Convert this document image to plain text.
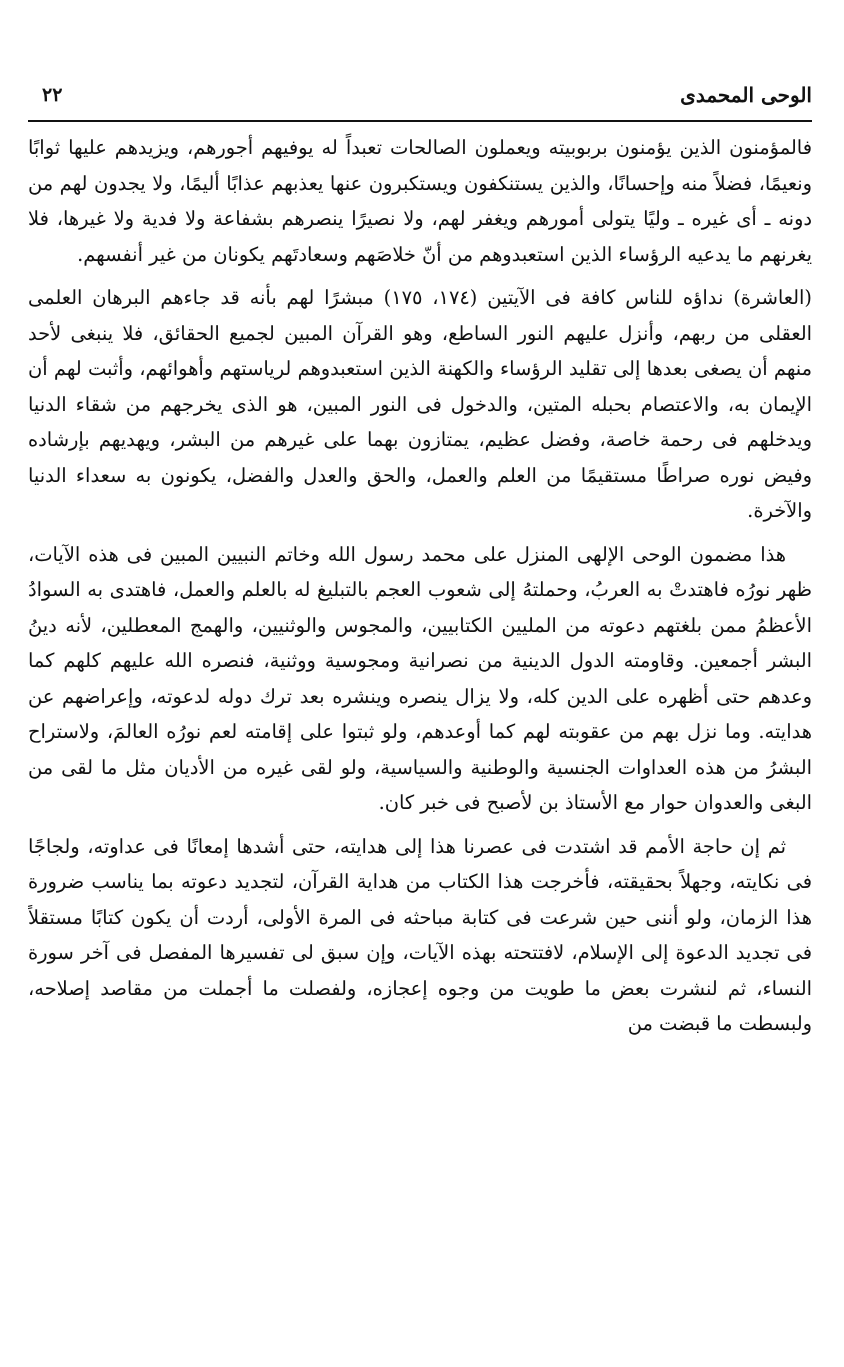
الوحى المحمدى
٢٢

فالمؤمنون الذين يؤمنون بربوبيته ويعملون الصالحات تعبداً له يوفيهم أجورهم، ويزيدهم عليها ثوابًا ونعيمًا، فضلاً منه وإحسانًا، والذين يستنكفون ويستكبرون عنها يعذبهم عذابًا أليمًا، ولا يجدون لهم من دونه ـ أى غيره ـ وليًا يتولى أمورهم ويغفر لهم، ولا نصيرًا ينصرهم بشفاعة ولا فدية ولا غيرها، فلا يغرنهم ما يدعيه الرؤساء الذين استعبدوهم من أنّ خلاصَهم وسعادتَهم يكونان من غير أنفسهم.

(العاشرة) نداؤه للناس كافة فى الآيتين (١٧٤، ١٧٥) مبشرًا لهم بأنه قد جاءهم البرهان العلمى العقلى من ربهم، وأنزل عليهم النور الساطع، وهو القرآن المبين لجميع الحقائق، فلا ينبغى لأحد منهم أن يصغى بعدها إلى تقليد الرؤساء والكهنة الذين استعبدوهم لرياستهم وأهوائهم، وأثبت لهم أن الإيمان به، والاعتصام بحبله المتين، والدخول فى النور المبين، هو الذى يخرجهم من شقاء الدنيا ويدخلهم فى رحمة خاصة، وفضل عظيم، يمتازون بهما على غيرهم من البشر، ويهديهم بإرشاده وفيض نوره صراطًا مستقيمًا من العلم والعمل، والحق والعدل والفضل، يكونون به سعداء الدنيا والآخرة.

هذا مضمون الوحى الإلهى المنزل على محمد رسول الله وخاتم النبيين المبين فى هذه الآيات، ظهر نورُه فاهتدتْ به العربُ، وحملتهُ إلى شعوب العجم بالتبليغ له بالعلم والعمل، فاهتدى به السوادُ الأعظمُ ممن بلغتهم دعوته من المليين الكتابيين، والمجوس والوثنيين، والهمج المعطلين، لأنه دينُ البشر أجمعين. وقاومته الدول الدينية من نصرانية ومجوسية ووثنية، فنصره الله عليهم كلهم كما وعدهم حتى أظهره على الدين كله، ولا يزال ينصره وينشره بعد ترك دوله لدعوته، وإعراضهم عن هدايته. وما نزل بهم من عقوبته لهم كما أوعدهم، ولو ثبتوا على إقامته لعم نورُه العالمَ، ولاستراح البشرُ من هذه العداوات الجنسية والوطنية والسياسية، ولو لقى غيره من الأديان مثل ما لقى من البغى والعدوان حوار مع الأستاذ بن لأصبح فى خبر كان.

ثم إن حاجة الأمم قد اشتدت فى عصرنا هذا إلى هدايته، حتى أشدها إمعانًا فى عداوته، ولجاجًا فى نكايته، وجهلاً بحقيقته، فأخرجت هذا الكتاب من هداية القرآن، لتجديد دعوته بما يناسب ضرورة هذا الزمان، ولو أننى حين شرعت فى كتابة مباحثه فى المرة الأولى، أردت أن يكون كتابًا مستقلاً فى تجديد الدعوة إلى الإسلام، لافتتحته بهذه الآيات، وإن سبق لى تفسيرها المفصل فى آخر سورة النساء، ثم لنشرت بعض ما طويت من وجوه إعجازه، ولفصلت ما أجملت من مقاصد إصلاحه، ولبسطت ما قبضت من
